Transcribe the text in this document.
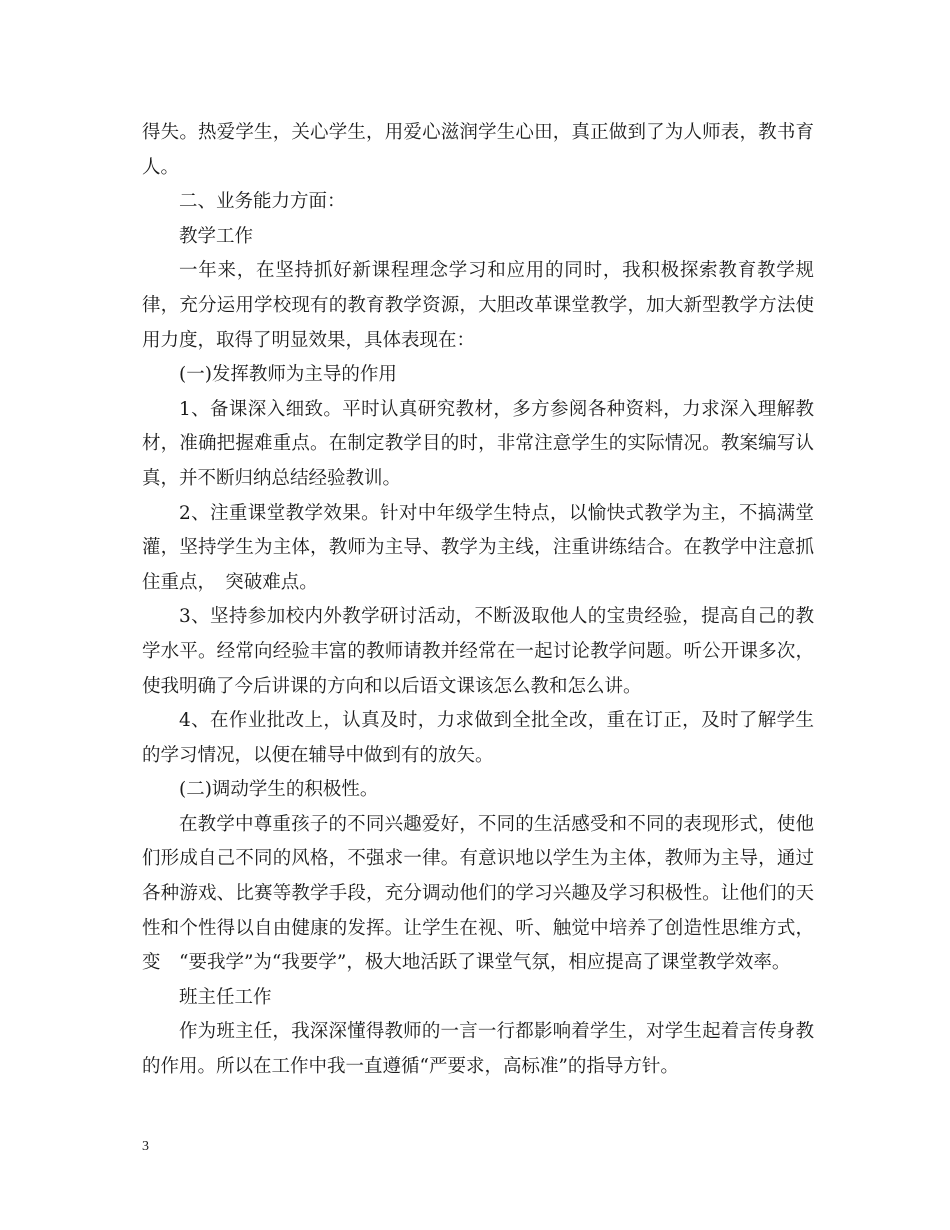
得失。热爱学生，关心学生，用爱心滋润学生心田，真正做到了为人师表，教书育人。

二、业务能力方面：

教学工作

一年来，在坚持抓好新课程理念学习和应用的同时，我积极探索教育教学规律，充分运用学校现有的教育教学资源，大胆改革课堂教学，加大新型教学方法使用力度，取得了明显效果，具体表现在：

(一)发挥教师为主导的作用

1、备课深入细致。平时认真研究教材，多方参阅各种资料，力求深入理解教材，准确把握难重点。在制定教学目的时，非常注意学生的实际情况。教案编写认真，并不断归纳总结经验教训。

2、注重课堂教学效果。针对中年级学生特点，以愉快式教学为主，不搞满堂灌，坚持学生为主体，教师为主导、教学为主线，注重讲练结合。在教学中注意抓住重点，　突破难点。

3、坚持参加校内外教学研讨活动，不断汲取他人的宝贵经验，提高自己的教学水平。经常向经验丰富的教师请教并经常在一起讨论教学问题。听公开课多次，使我明确了今后讲课的方向和以后语文课该怎么教和怎么讲。

4、在作业批改上，认真及时，力求做到全批全改，重在订正，及时了解学生的学习情况，以便在辅导中做到有的放矢。

(二)调动学生的积极性。

在教学中尊重孩子的不同兴趣爱好，不同的生活感受和不同的表现形式，使他们形成自己不同的风格，不强求一律。有意识地以学生为主体，教师为主导，通过各种游戏、比赛等教学手段，充分调动他们的学习兴趣及学习积极性。让他们的天性和个性得以自由健康的发挥。让学生在视、听、触觉中培养了创造性思维方式，变　“要我学”为“我要学”，极大地活跃了课堂气氛，相应提高了课堂教学效率。

班主任工作

作为班主任，我深深懂得教师的一言一行都影响着学生，对学生起着言传身教的作用。所以在工作中我一直遵循“严要求，高标准”的指导方针。

3
